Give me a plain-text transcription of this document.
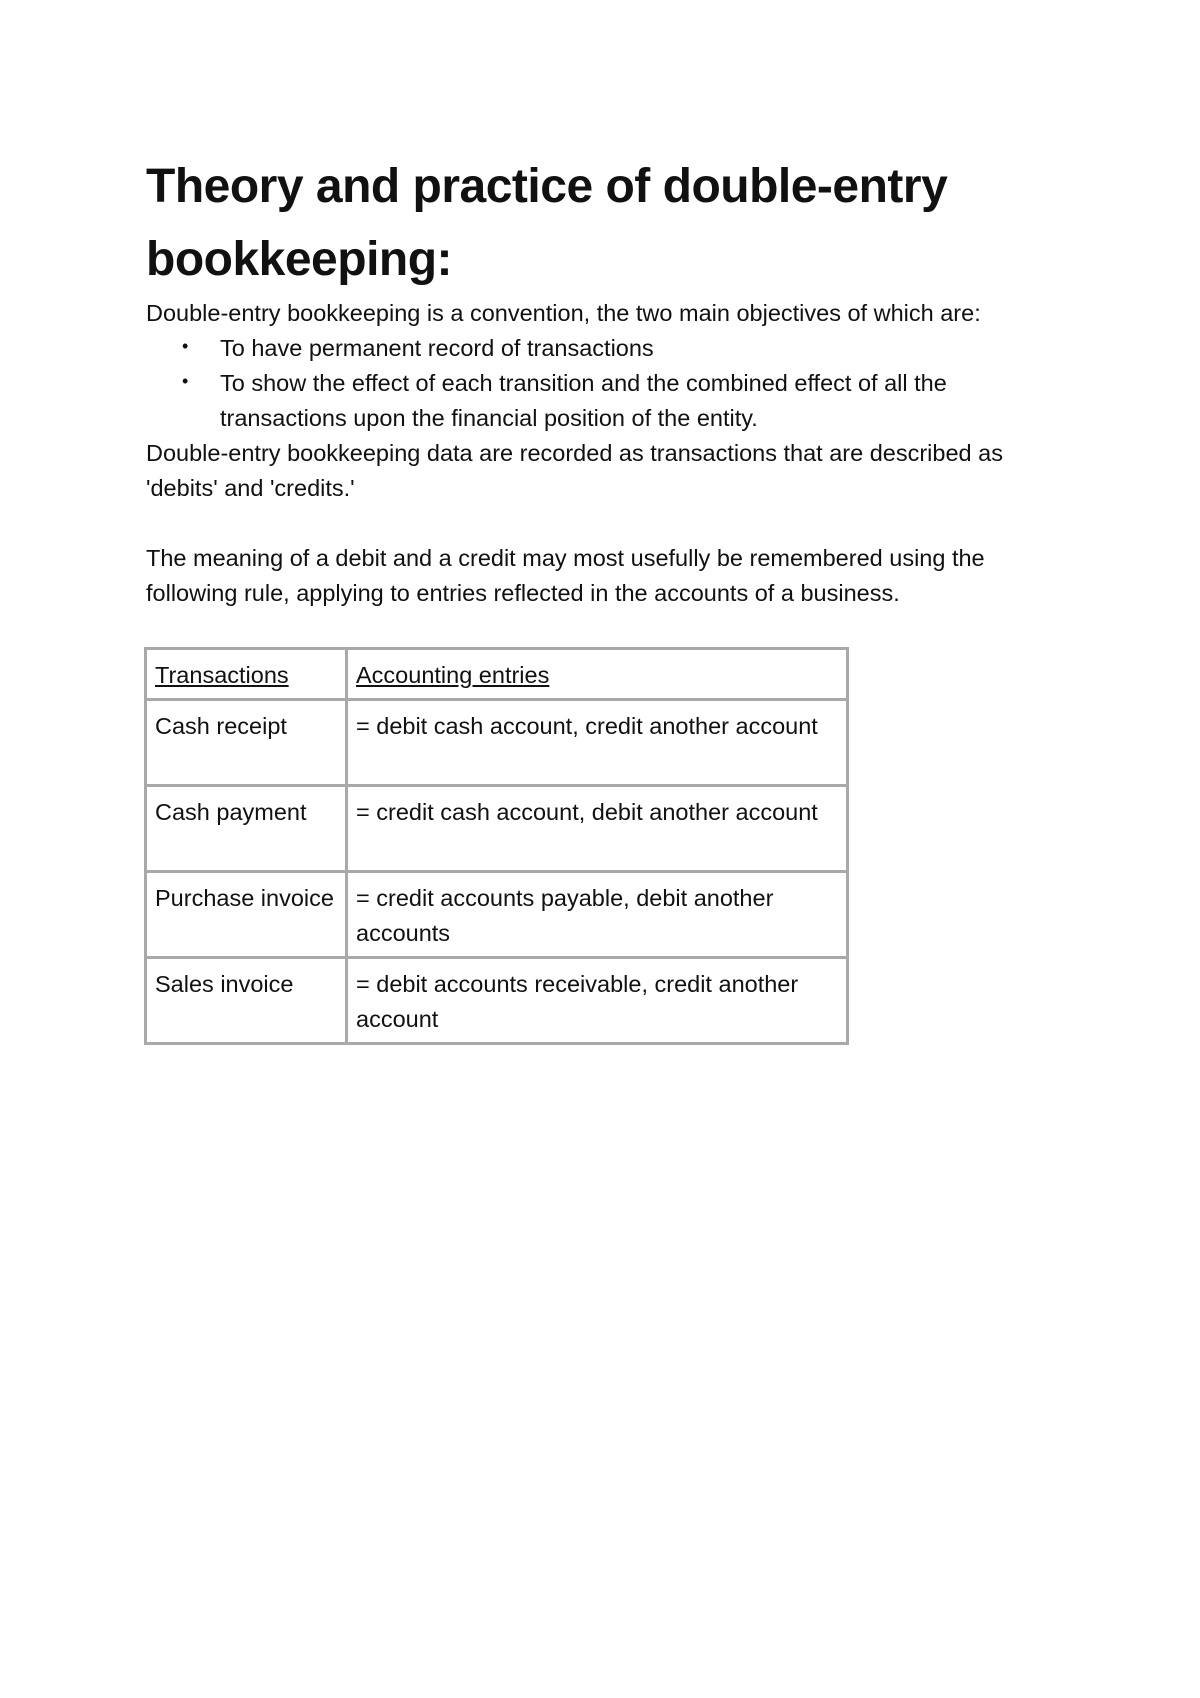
Theory and practice of double-entry bookkeeping:

Double-entry bookkeeping is a convention, the two main objectives of which are:

• To have permanent record of transactions
• To show the effect of each transition and the combined effect of all the transactions upon the financial position of the entity.

Double-entry bookkeeping data are recorded as transactions that are described as 'debits' and 'credits.'

The meaning of a debit and a credit may most usefully be remembered using the following rule, applying to entries reflected in the accounts of a business.

Transactions	Accounting entries
Cash receipt	= debit cash account, credit another account
Cash payment	= credit cash account, debit another account
Purchase invoice	= credit accounts payable, debit another accounts
Sales invoice	= debit accounts receivable, credit another account
